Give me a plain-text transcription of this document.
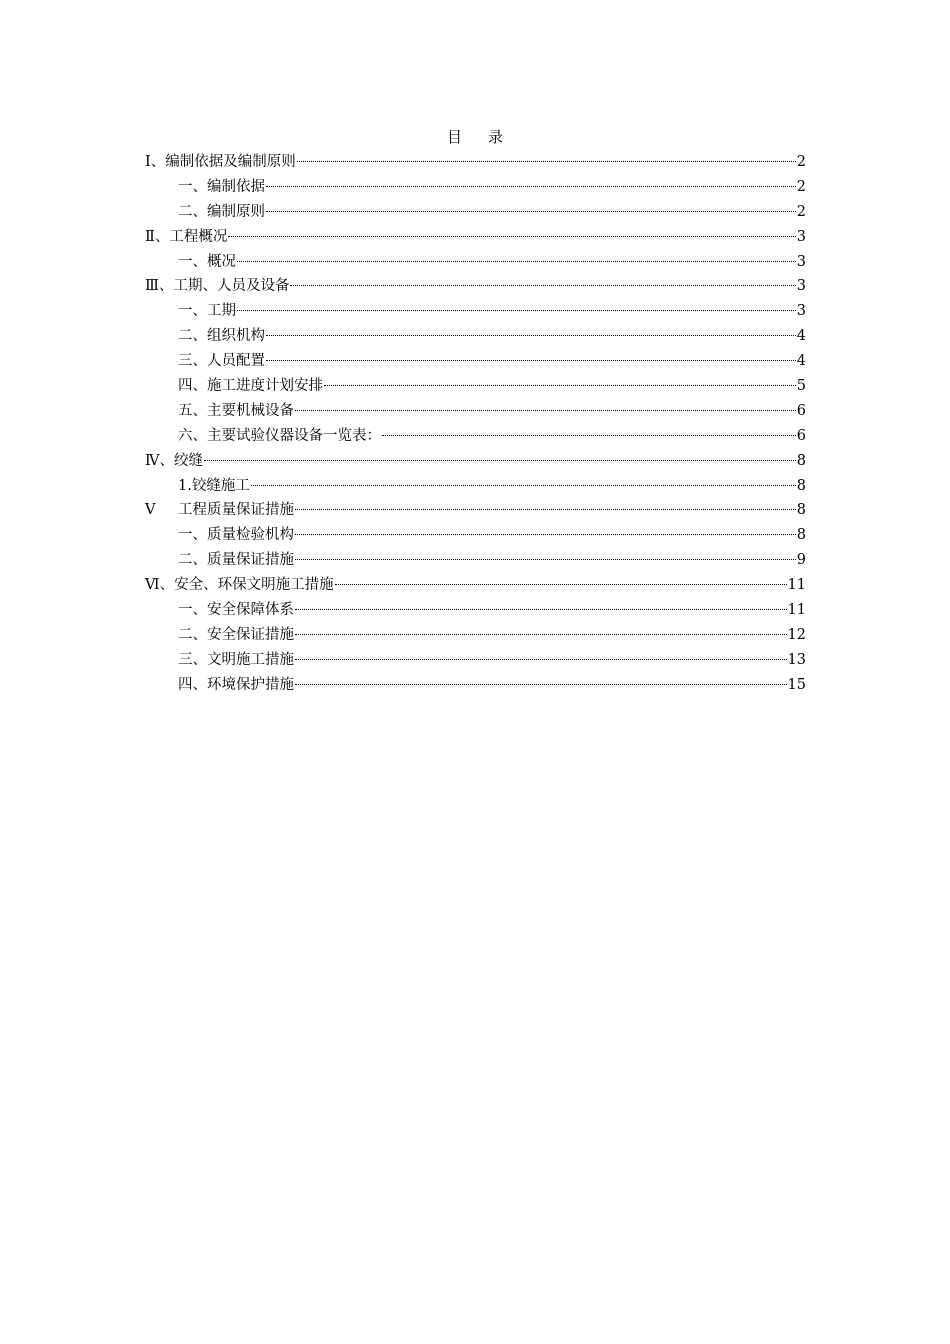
目 录
Ⅰ、 编制依据及编制原则	2
一、编制依据	2
二、编制原则	2
Ⅱ、 工程概况	3
一、概况	3
Ⅲ、 工期、人员及设备	3
一、工期	3
二、组织机构	4
三、人员配置	4
四、施工进度计划安排	5
五、主要机械设备	6
六、主要试验仪器设备一览表：	6
Ⅳ、 绞缝	8
1.铰缝施工	8
Ⅴ	工程质量保证措施	8
一、质量检验机构	8
二、质量保证措施	9
Ⅵ、 安全、环保文明施工措施	11
一、安全保障体系	11
二、安全保证措施	12
三、文明施工措施	13
四、环境保护措施	15
